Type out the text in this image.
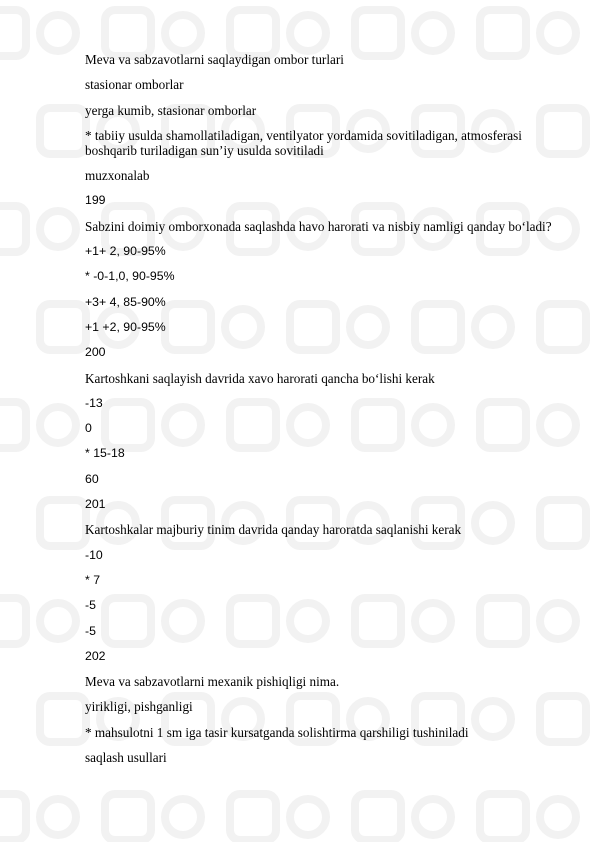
Meva va sabzavotlarni saqlaydigan ombor turlari

stasionar omborlar

yerga kumib, stasionar omborlar

* tabiiy usulda shamollatiladigan, ventilyator yordamida sovitiladigan, atmosferasi boshqarib turiladigan sun’iy usulda sovitiladi

muzxonalab

199

Sabzini doimiy omborxonada saqlashda havo harorati va nisbiy namligi qanday bo‘ladi?

+1+ 2, 90-95%

* -0-1,0, 90-95%

+3+ 4, 85-90%

+1 +2, 90-95%

200

Kartoshkani saqlayish davrida xavo harorati qancha bo‘lishi kerak

-13

0

* 15-18

60

201

Kartoshkalar majburiy tinim davrida qanday haroratda saqlanishi kerak

-10

* 7

-5

-5

202

Meva va sabzavotlarni mexanik pishiqligi nima.

yirikligi, pishganligi

* mahsulotni 1 sm iga tasir kursatganda solishtirma qarshiligi tushiniladi

saqlash usullari
